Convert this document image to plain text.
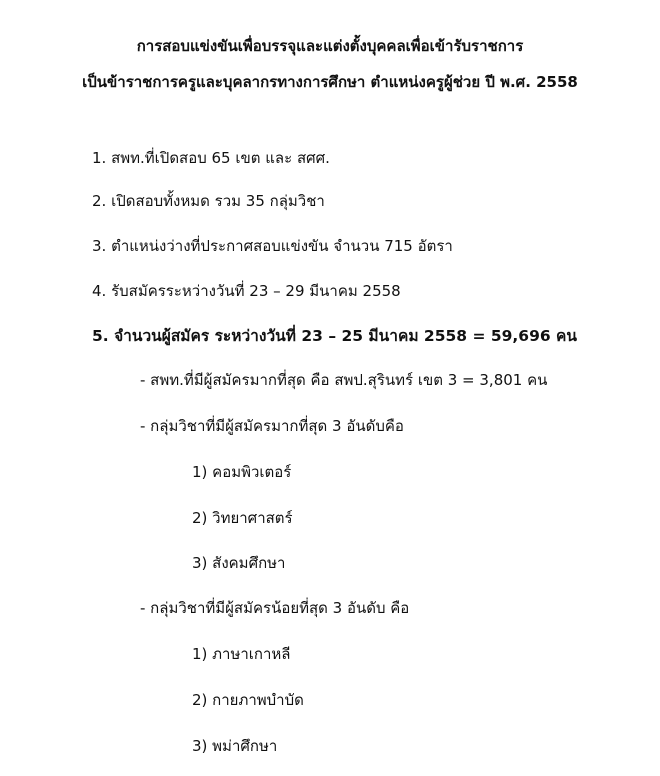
การสอบแข่งขันเพื่อบรรจุและแต่งตั้งบุคคลเพื่อเข้ารับราชการ
เป็นข้าราชการครูและบุคลากรทางการศึกษา ตำแหน่งครูผู้ช่วย ปี พ.ศ. 2558
1. สพท.ที่เปิดสอบ 65 เขต และ สศศ.
2. เปิดสอบทั้งหมด รวม 35 กลุ่มวิชา
3. ตำแหน่งว่างที่ประกาศสอบแข่งขัน จำนวน 715 อัตรา
4. รับสมัครระหว่างวันที่ 23 – 29 มีนาคม 2558
5. จำนวนผู้สมัคร ระหว่างวันที่ 23 – 25 มีนาคม 2558 = 59,696 คน
- สพท.ที่มีผู้สมัครมากที่สุด คือ สพป.สุรินทร์ เขต 3 = 3,801 คน
- กลุ่มวิชาที่มีผู้สมัครมากที่สุด 3 อันดับคือ
1) คอมพิวเตอร์
2) วิทยาศาสตร์
3) สังคมศึกษา
- กลุ่มวิชาที่มีผู้สมัครน้อยที่สุด 3 อันดับ คือ
1) ภาษาเกาหลี
2) กายภาพบำบัด
3) พม่าศึกษา
